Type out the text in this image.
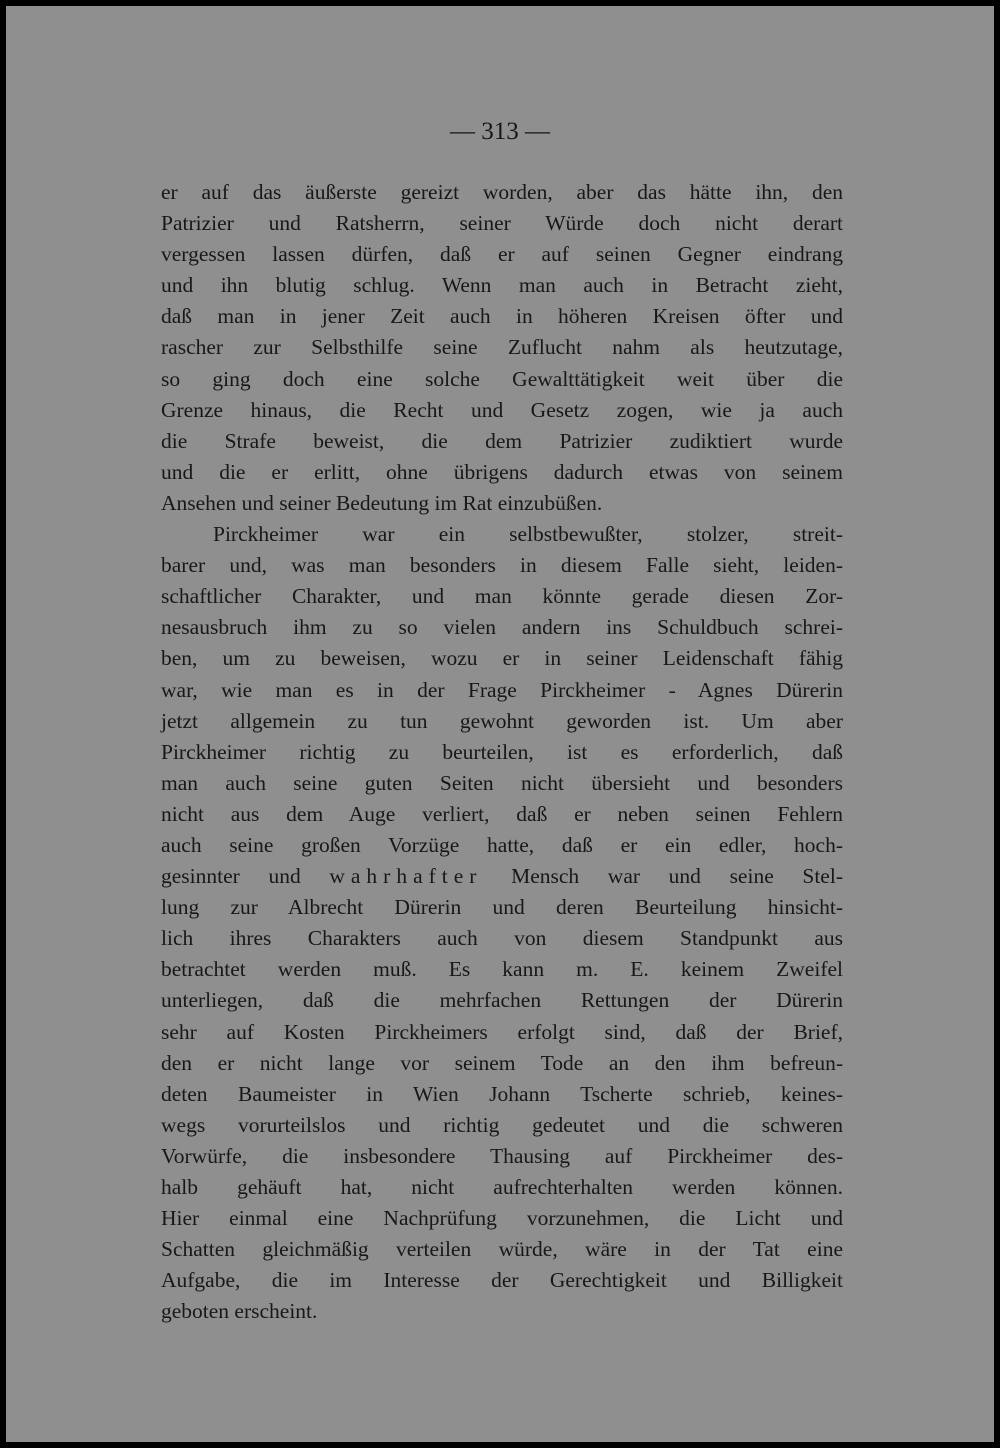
— 313 —
er auf das äußerste gereizt worden, aber das hätte ihn, den
Patrizier und Ratsherrn, seiner Würde doch nicht derart
vergessen lassen dürfen, daß er auf seinen Gegner eindrang
und ihn blutig schlug. Wenn man auch in Betracht zieht,
daß man in jener Zeit auch in höheren Kreisen öfter und
rascher zur Selbsthilfe seine Zuflucht nahm als heutzutage,
so ging doch eine solche Gewalttätigkeit weit über die
Grenze hinaus, die Recht und Gesetz zogen, wie ja auch
die Strafe beweist, die dem Patrizier zudiktiert wurde
und die er erlitt, ohne übrigens dadurch etwas von seinem
Ansehen und seiner Bedeutung im Rat einzubüßen.
Pirckheimer war ein selbstbewußter, stolzer, streit-
barer und, was man besonders in diesem Falle sieht, leiden-
schaftlicher Charakter, und man könnte gerade diesen Zor-
nesausbruch ihm zu so vielen andern ins Schuldbuch schrei-
ben, um zu beweisen, wozu er in seiner Leidenschaft fähig
war, wie man es in der Frage Pirckheimer - Agnes Dürerin
jetzt allgemein zu tun gewohnt geworden ist. Um aber
Pirckheimer richtig zu beurteilen, ist es erforderlich, daß
man auch seine guten Seiten nicht übersieht und besonders
nicht aus dem Auge verliert, daß er neben seinen Fehlern
auch seine großen Vorzüge hatte, daß er ein edler, hoch-
gesinnter und wahrhafter Mensch war und seine Stel-
lung zur Albrecht Dürerin und deren Beurteilung hinsicht-
lich ihres Charakters auch von diesem Standpunkt aus
betrachtet werden muß. Es kann m. E. keinem Zweifel
unterliegen, daß die mehrfachen Rettungen der Dürerin
sehr auf Kosten Pirckheimers erfolgt sind, daß der Brief,
den er nicht lange vor seinem Tode an den ihm befreun-
deten Baumeister in Wien Johann Tscherte schrieb, keines-
wegs vorurteilslos und richtig gedeutet und die schweren
Vorwürfe, die insbesondere Thausing auf Pirckheimer des-
halb gehäuft hat, nicht aufrechterhalten werden können.
Hier einmal eine Nachprüfung vorzunehmen, die Licht und
Schatten gleichmäßig verteilen würde, wäre in der Tat eine
Aufgabe, die im Interesse der Gerechtigkeit und Billigkeit
geboten erscheint.
